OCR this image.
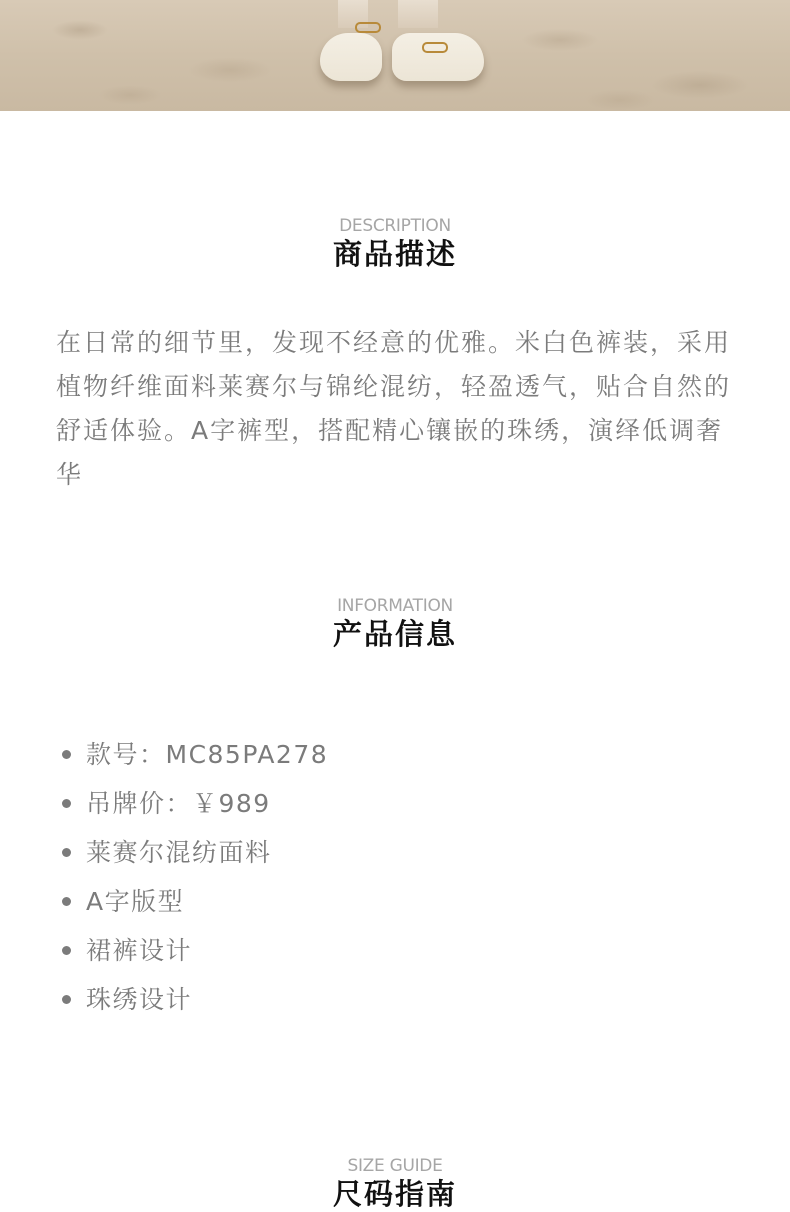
DESCRIPTION
商品描述

在日常的细节里，发现不经意的优雅。米白色裤装，采用植物纤维面料莱赛尔与锦纶混纺，轻盈透气，贴合自然的舒适体验。A字裤型，搭配精心镶嵌的珠绣，演绎低调奢华

INFORMATION
产品信息
款号：MC85PA278
吊牌价：￥989
莱赛尔混纺面料
A字版型
裙裤设计
珠绣设计
SIZE GUIDE
尺码指南
